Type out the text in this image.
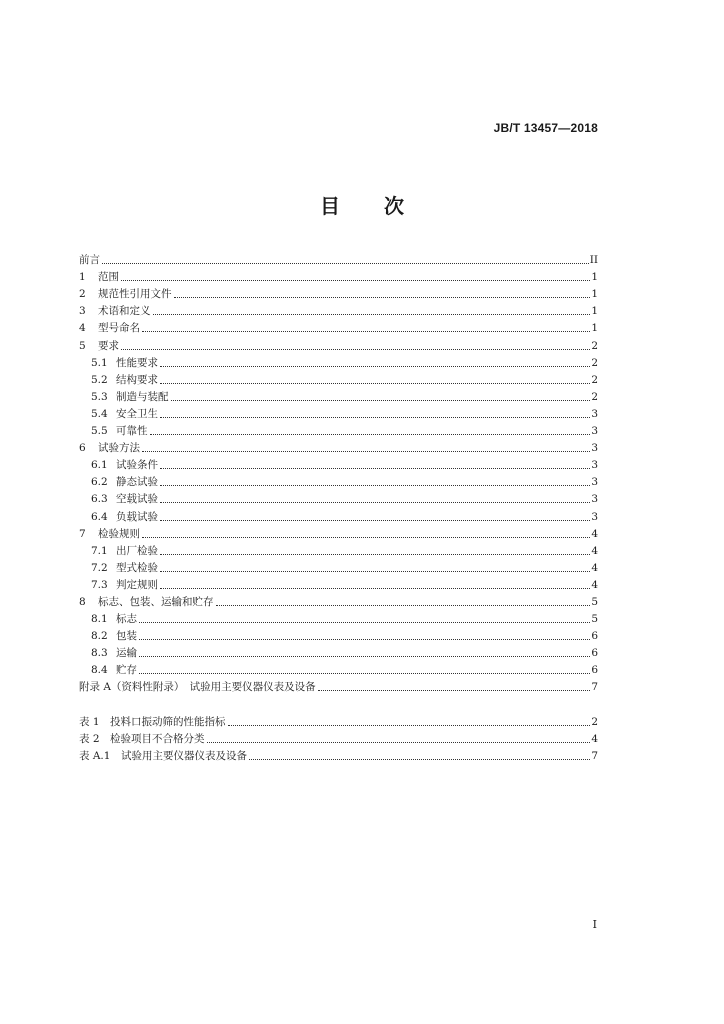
JB/T 13457—2018
目 次
前言	II
1	范围	1
2	规范性引用文件	1
3	术语和定义	1
4	型号命名	1
5	要求	2
5.1 性能要求	2
5.2 结构要求	2
5.3 制造与装配	2
5.4 安全卫生	3
5.5 可靠性	3
6	试验方法	3
6.1 试验条件	3
6.2 静态试验	3
6.3 空载试验	3
6.4 负载试验	3
7	检验规则	4
7.1 出厂检验	4
7.2 型式检验	4
7.3 判定规则	4
8	标志、包装、运输和贮存	5
8.1 标志	5
8.2 包装	6
8.3 运输	6
8.4 贮存	6
附录 A（资料性附录）　试验用主要仪器仪表及设备	7
表 1　投料口振动筛的性能指标	2
表 2　检验项目不合格分类	4
表 A.1　试验用主要仪器仪表及设备	7
I
